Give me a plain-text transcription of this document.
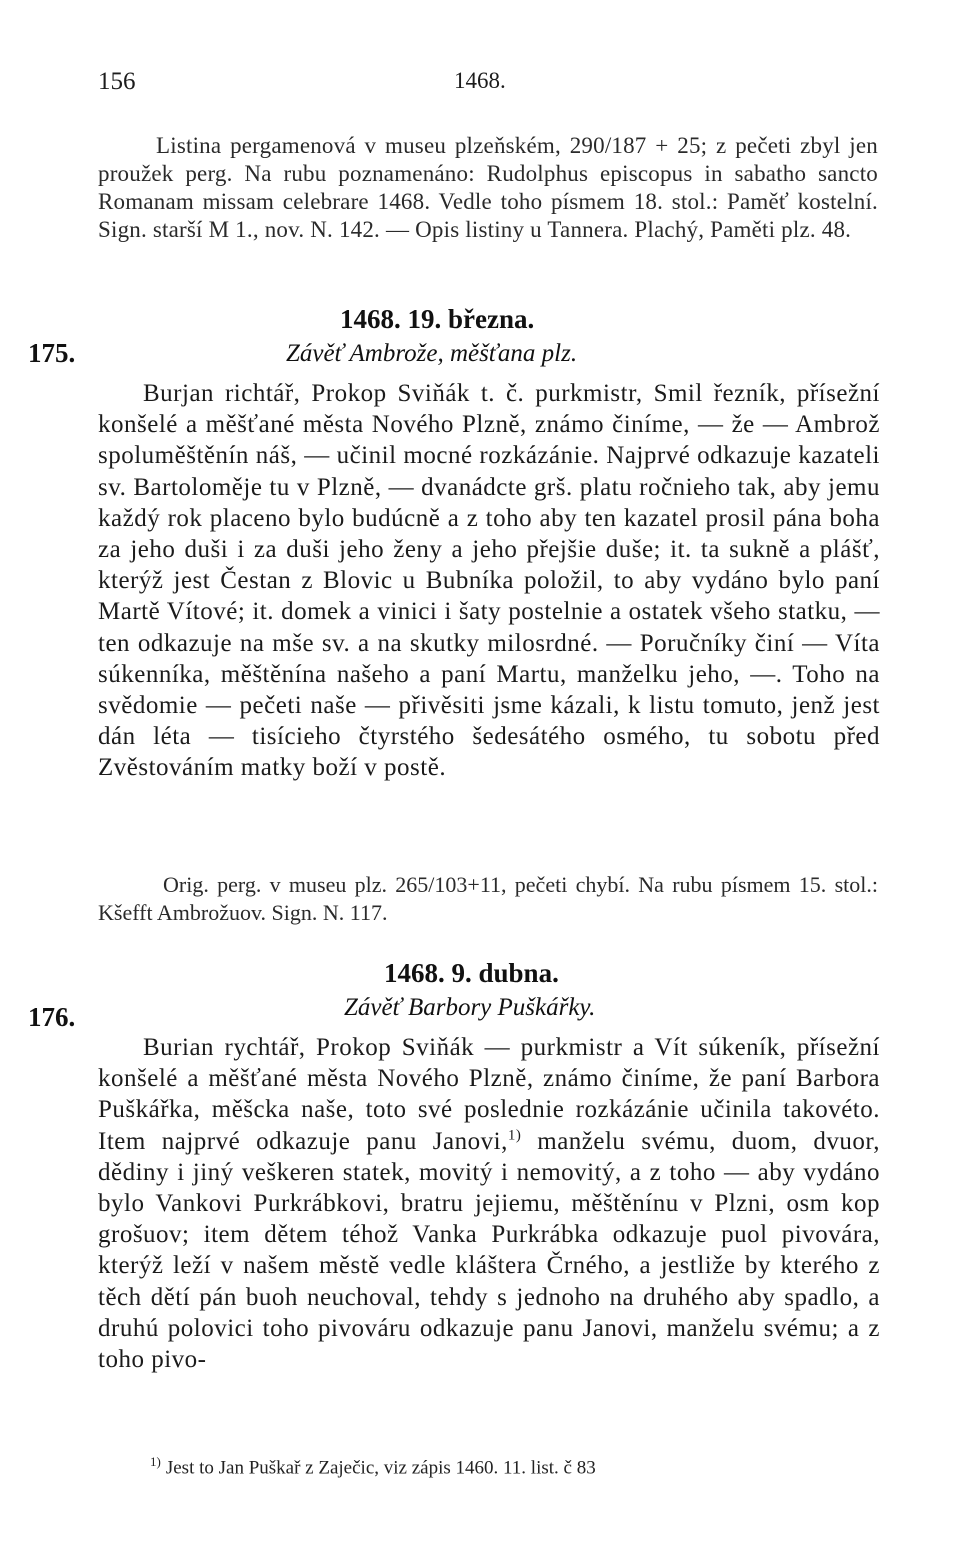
156	1468.
Listina pergamenová v museu plzeňském, 290/187 + 25; z pečeti zbyl jen proužek perg. Na rubu poznamenáno: Rudolphus episcopus in sabatho sancto Romanam missam celebrare 1468. Vedle toho písmem 18. stol.: Paměť kostelní. Sign. starší M 1., nov. N. 142. — Opis listiny u Tannera. Plachý, Paměti plz. 48.
175.
1468. 19. března.
Závěť Ambrože, měšťana plz.
Burjan richtář, Prokop Sviňák t. č. purkmistr, Smil řezník, přísežní konšelé a měšťané města Nového Plzně, známo činíme, — že — Ambrož spoluměštěnín náš, — učinil mocné rozkázánie. Najprvé odkazuje kazateli sv. Bartoloměje tu v Plzně, — dvanádcte grš. platu ročnieho tak, aby jemu každý rok placeno bylo budúcně a z toho aby ten kazatel prosil pána boha za jeho duši i za duši jeho ženy a jeho přejšie duše; it. ta sukně a plášť, kterýž jest Čestan z Blovic u Bubníka položil, to aby vydáno bylo paní Martě Vítové; it. domek a vinici i šaty postelnie a ostatek všeho statku, — ten odkazuje na mše sv. a na skutky milosrdné. — Poručníky činí — Víta súkenníka, měštěnína našeho a paní Martu, manželku jeho, —. Toho na svědomie — pečeti naše — přivěsiti jsme kázali, k listu tomuto, jenž jest dán léta — tisícieho čtyrstého šedesátého osmého, tu sobotu před Zvěstováním matky boží v postě.
Orig. perg. v museu plz. 265/103+11, pečeti chybí. Na rubu písmem 15. stol.: Kšefft Ambrožuov. Sign. N. 117.
176.
1468. 9. dubna.
Závěť Barbory Puškářky.
Burian rychtář, Prokop Sviňák — purkmistr a Vít súkeník, přísežní konšelé a měšťané města Nového Plzně, známo činíme, že paní Barbora Puškářka, měšcka naše, toto své poslednie rozkázánie učinila takovéto. Item najprvé odkazuje panu Janovi,$^{1)}$ manželu svému, duom, dvuor, dědiny i jiný veškeren statek, movitý i nemovitý, a z toho — aby vydáno bylo Vankovi Purkrábkovi, bratru jejiemu, měštěnínu v Plzni, osm kop grošuov; item dětem téhož Vanka Purkrábka odkazuje puol pivovára, kterýž leží v našem městě vedle kláštera Črného, a jestliže by kterého z těch dětí pán buoh neuchoval, tehdy s jednoho na druhého aby spadlo, a druhú polovici toho pivováru odkazuje panu Janovi, manželu svému; a z toho pivo-
$^{1)}$ Jest to Jan Puškař z Zaječic, viz zápis 1460. 11. list. č 83
